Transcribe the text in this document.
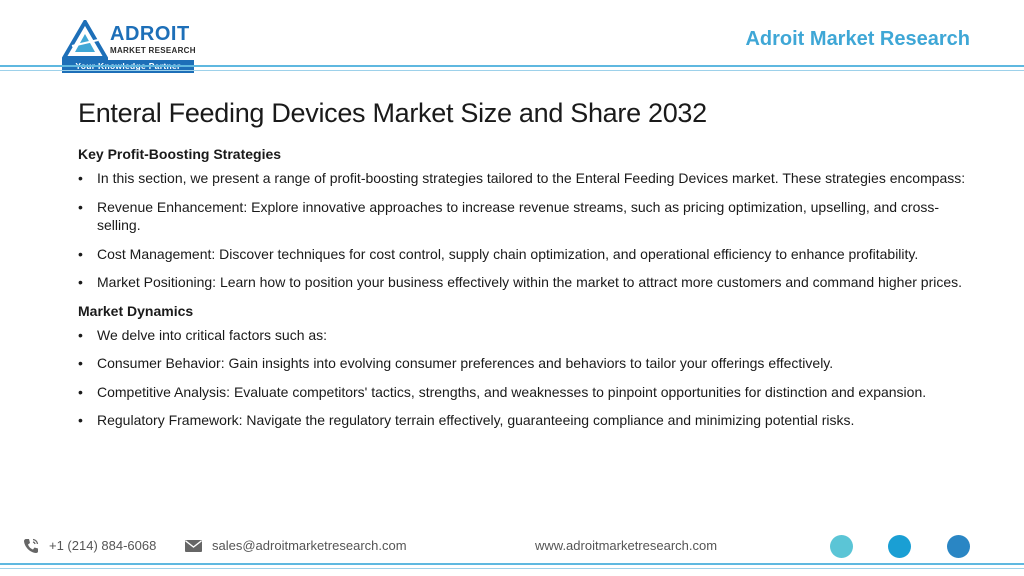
ADROIT
MARKET RESEARCH
Adroit Market Research
Enteral Feeding Devices Market Size and Share 2032
Key Profit-Boosting Strategies
• In this section, we present a range of profit-boosting strategies tailored to the Enteral Feeding Devices market. These strategies encompass:
• Revenue Enhancement: Explore innovative approaches to increase revenue streams, such as pricing optimization, upselling, and cross-selling.
• Cost Management: Discover techniques for cost control, supply chain optimization, and operational efficiency to enhance profitability.
• Market Positioning: Learn how to position your business effectively within the market to attract more customers and command higher prices.
Market Dynamics
• We delve into critical factors such as:
• Consumer Behavior: Gain insights into evolving consumer preferences and behaviors to tailor your offerings effectively.
• Competitive Analysis: Evaluate competitors' tactics, strengths, and weaknesses to pinpoint opportunities for distinction and expansion.
• Regulatory Framework: Navigate the regulatory terrain effectively, guaranteeing compliance and minimizing potential risks.
+1 (214) 884-6068	sales@adroitmarketresearch.com	www.adroitmarketresearch.com
